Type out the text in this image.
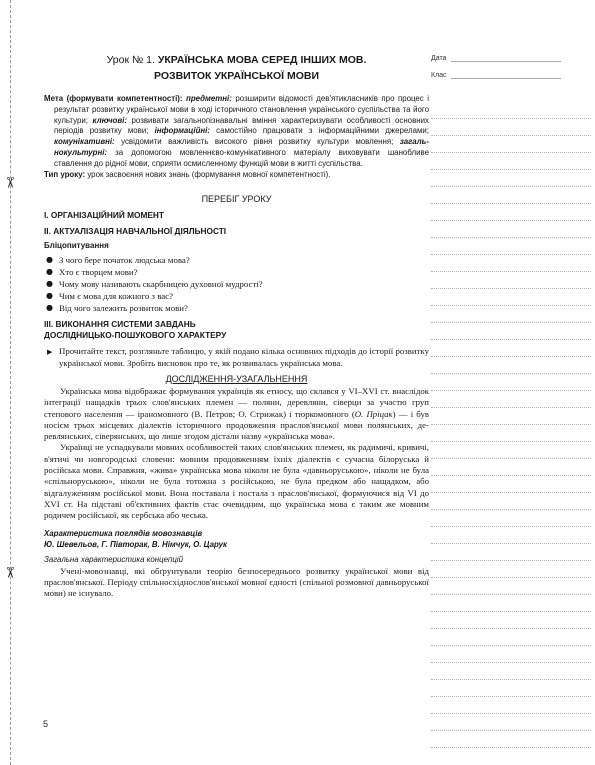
✂
✂
Дата
Клас
Урок № 1. УКРАЇНСЬКА МОВА СЕРЕД ІНШИХ МОВ.
РОЗВИТОК УКРАЇНСЬКОЇ МОВИ
Мета (формувати компетентності): предметні: розширити відомості дев'ятикласників про процес і результат розвитку української мови в ході історичного становлення українського суспільства та його культури; ключові: розвивати загальнопізнавальні вміння характеризувати особливості основних періодів розвитку мови; інформаційні: самостійно працювати з інформаційними джерелами; комунікативні: усвідомити важливість високого рівня розвитку культури мовлення; загальнокультурні: за допомогою мовленнєво-комунікативного матеріалу виховувати шанобливе ставлення до рідної мови, сприяти осмисленному функцій мови в житті суспільства.
Тип уроку: урок засвоєння нових знань (формування мовної компетентності).
ПЕРЕБІГ УРОКУ
І. ОРГАНІЗАЦІЙНИЙ МОМЕНТ
ІІ. АКТУАЛІЗАЦІЯ НАВЧАЛЬНОЇ ДІЯЛЬНОСТІ
Бліцопитування
● З чого бере початок людська мова?
● Хто є творцем мови?
● Чому мову називають скарбницею духовної мудрості?
● Чим є мова для кожного з вас?
● Від чого залежить розвиток мови?
ІІІ. ВИКОНАННЯ СИСТЕМИ ЗАВДАНЬ
ДОСЛІДНИЦЬКО-ПОШУКОВОГО ХАРАКТЕРУ
▶ Прочитайте текст, розгляньте таблицю, у якій подано кілька основних підходів до історії розвитку української мови. Зробіть висновок про те, як розвивалась українська мова.
ДОСЛІДЖЕННЯ-УЗАГАЛЬНЕННЯ

Українська мова відображає формування українців як етносу, що склався у VI–XVI ст. внаслідок інтеграції нащадків трьох слов'янських племен — поляни, деревляни, сіверци за участю груп степового населення — іраномовного (В. Петров; О. Стрижак) і тюркомовного (О. Пріцак) — і був носієм трьох місцевих діалектів історичного продовження праслов'янської мови полянських, деревлянських, сіверянських, що лише згодом дістали назву «українська мова».

Українці не успадкували мовних особливостей таких слов'янських племен, як радимичі, кривичі, в'ятичі чи новгородські словени: мовним продовженням їхніх діалектів є сучасна білоруська й російська мови. Справжня, «жива» українська мова ніколи не була «давньоруською», ніколи не була «спільноруською», ніколи не була тотожна з російською, не була предком або нащадком, або відгалуженням російської мови. Вона поставала і постала з праслов'янської, формуючися від VI до XVI ст. На підставі об'єктивних фактів стає очевидним, що українська мова є таким же мовним родичем російської, як сербська або чеська.

Характеристика поглядів мовознавців
Ю. Шевельов, Г. Півторак, В. Німчук, О. Царук
Загальна характеристика концепцій

Учені-мовознавці, які обґрунтували теорію безпосереднього розвитку української мови від праслов'янської. Періоду спільносхіднослов'янської мовної єдності (спільної розмовної давньоруської мови) не існувало.

5
